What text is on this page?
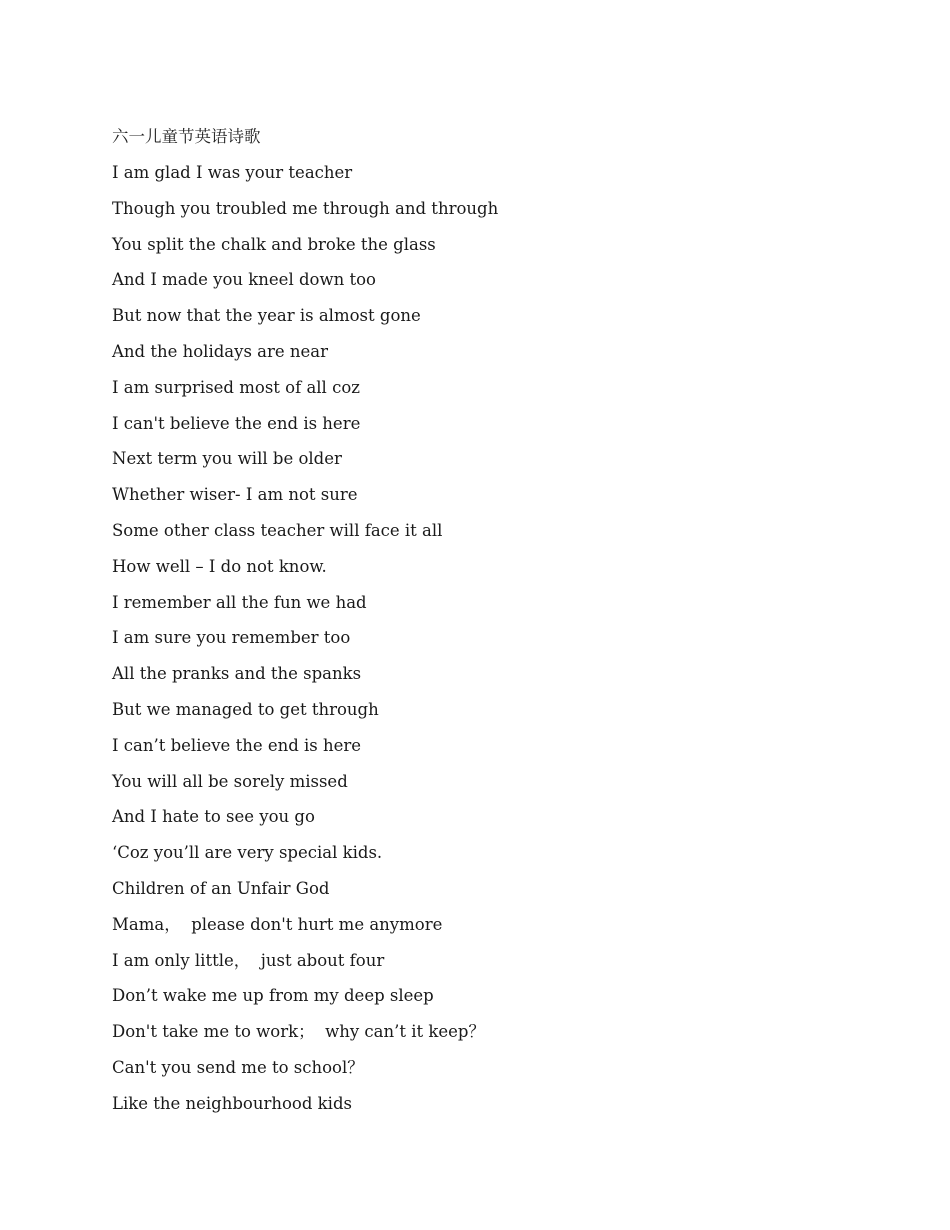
六一儿童节英语诗歌
I am glad I was your teacher
Though you troubled me through and through
You split the chalk and broke the glass
And I made you kneel down too
But now that the year is almost gone
And the holidays are near
I am surprised most of all coz
I can't believe the end is here
Next term you will be older
Whether wiser- I am not sure
Some other class teacher will face it all
How well – I do not know.
I remember all the fun we had
I am sure you remember too
All the pranks and the spanks
But we managed to get through
I can’t believe the end is here
You will all be sorely missed
And I hate to see you go
‘Coz you’ll are very special kids.
Children of an Unfair God
Mama，  please don't hurt me anymore
I am only little，  just about four
Don’t wake me up from my deep sleep
Don't take me to work；  why can’t it keep？
Can't you send me to school？
Like the neighbourhood kids
